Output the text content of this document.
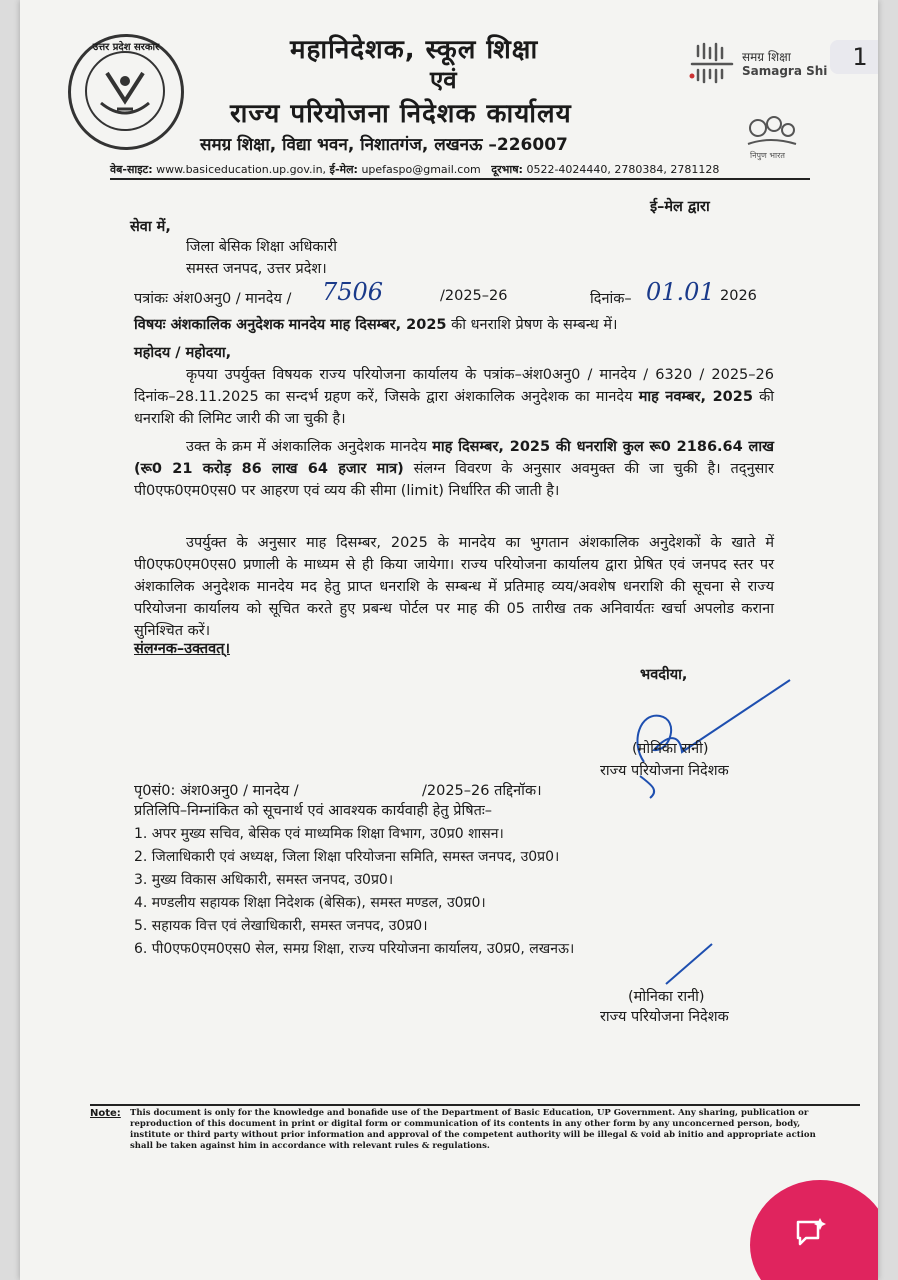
उत्तर प्रदेश सरकार	महानिदेशक, स्कूल शिक्षा
एवं
राज्य परियोजना निदेशक कार्यालय
समग्र शिक्षा, विद्या भवन, निशातगंज, लखनऊ –226007
समग्र शिक्षा
Samagra Shi
निपुण भारत
1
वेब-साइट: www.basiceducation.up.gov.in, ई-मेल: upefaspo@gmail.com दूरभाष: 0522-4024440, 2780384, 2781128
ई–मेल द्वारा
सेवा में,
जिला बेसिक शिक्षा अधिकारी
समस्त जनपद, उत्तर प्रदेश।
पत्रांकः अंश0अनु0 / मानदेय / 7506	/2025–26	दिनांक– 01.01 2026
विषयः अंशकालिक अनुदेशक मानदेय माह दिसम्बर, 2025 की धनराशि प्रेषण के सम्बन्ध में।
महोदय / महोदया,
कृपया उपर्युक्त विषयक राज्य परियोजना कार्यालय के पत्रांक–अंश0अनु0 / मानदेय / 6320 / 2025–26 दिनांक–28.11.2025 का सन्दर्भ ग्रहण करें, जिसके द्वारा अंशकालिक अनुदेशक का मानदेय माह नवम्बर, 2025 की धनराशि की लिमिट जारी की जा चुकी है।
उक्त के क्रम में अंशकालिक अनुदेशक मानदेय माह दिसम्बर, 2025 की धनराशि कुल रू0 2186.64 लाख (रू0 21 करोड़ 86 लाख 64 हजार मात्र) संलग्न विवरण के अनुसार अवमुक्त की जा चुकी है। तद्नुसार पी0एफ0एम0एस0 पर आहरण एवं व्यय की सीमा (limit) निर्धारित की जाती है।
उपर्युक्त के अनुसार माह दिसम्बर, 2025 के मानदेय का भुगतान अंशकालिक अनुदेशकों के खाते में पी0एफ0एम0एस0 प्रणाली के माध्यम से ही किया जायेगा। राज्य परियोजना कार्यालय द्वारा प्रेषित एवं जनपद स्तर पर अंशकालिक अनुदेशक मानदेय मद हेतु प्राप्त धनराशि के सम्बन्ध में प्रतिमाह व्यय/अवशेष धनराशि की सूचना से राज्य परियोजना कार्यालय को सूचित करते हुए प्रबन्ध पोर्टल पर माह की 05 तारीख तक अनिवार्यतः खर्चा अपलोड कराना सुनिश्चित करें।
संलग्नक–उक्तवत्।
भवदीया,
(मोनिका रानी)
राज्य परियोजना निदेशक
पृ0सं0: अंश0अनु0 / मानदेय /	/2025–26 तद्दिनॉक।
प्रतिलिपि–निम्नांकित को सूचनार्थ एवं आवश्यक कार्यवाही हेतु प्रेषितः–
1. अपर मुख्य सचिव, बेसिक एवं माध्यमिक शिक्षा विभाग, उ0प्र0 शासन।
2. जिलाधिकारी एवं अध्यक्ष, जिला शिक्षा परियोजना समिति, समस्त जनपद, उ0प्र0।
3. मुख्य विकास अधिकारी, समस्त जनपद, उ0प्र0।
4. मण्डलीय सहायक शिक्षा निदेशक (बेसिक), समस्त मण्डल, उ0प्र0।
5. सहायक वित्त एवं लेखाधिकारी, समस्त जनपद, उ0प्र0।
6. पी0एफ0एम0एस0 सेल, समग्र शिक्षा, राज्य परियोजना कार्यालय, उ0प्र0, लखनऊ।
(मोनिका रानी)
राज्य परियोजना निदेशक
Note: This document is only for the knowledge and bonafide use of the Department of Basic Education, UP Government. Any sharing, publication or reproduction of this document in print or digital form or communication of its contents in any other form by any unconcerned person, body, institute or third party without prior information and approval of the competent authority will be illegal & void ab initio and appropriate action shall be taken against him in accordance with relevant rules & regulations.
